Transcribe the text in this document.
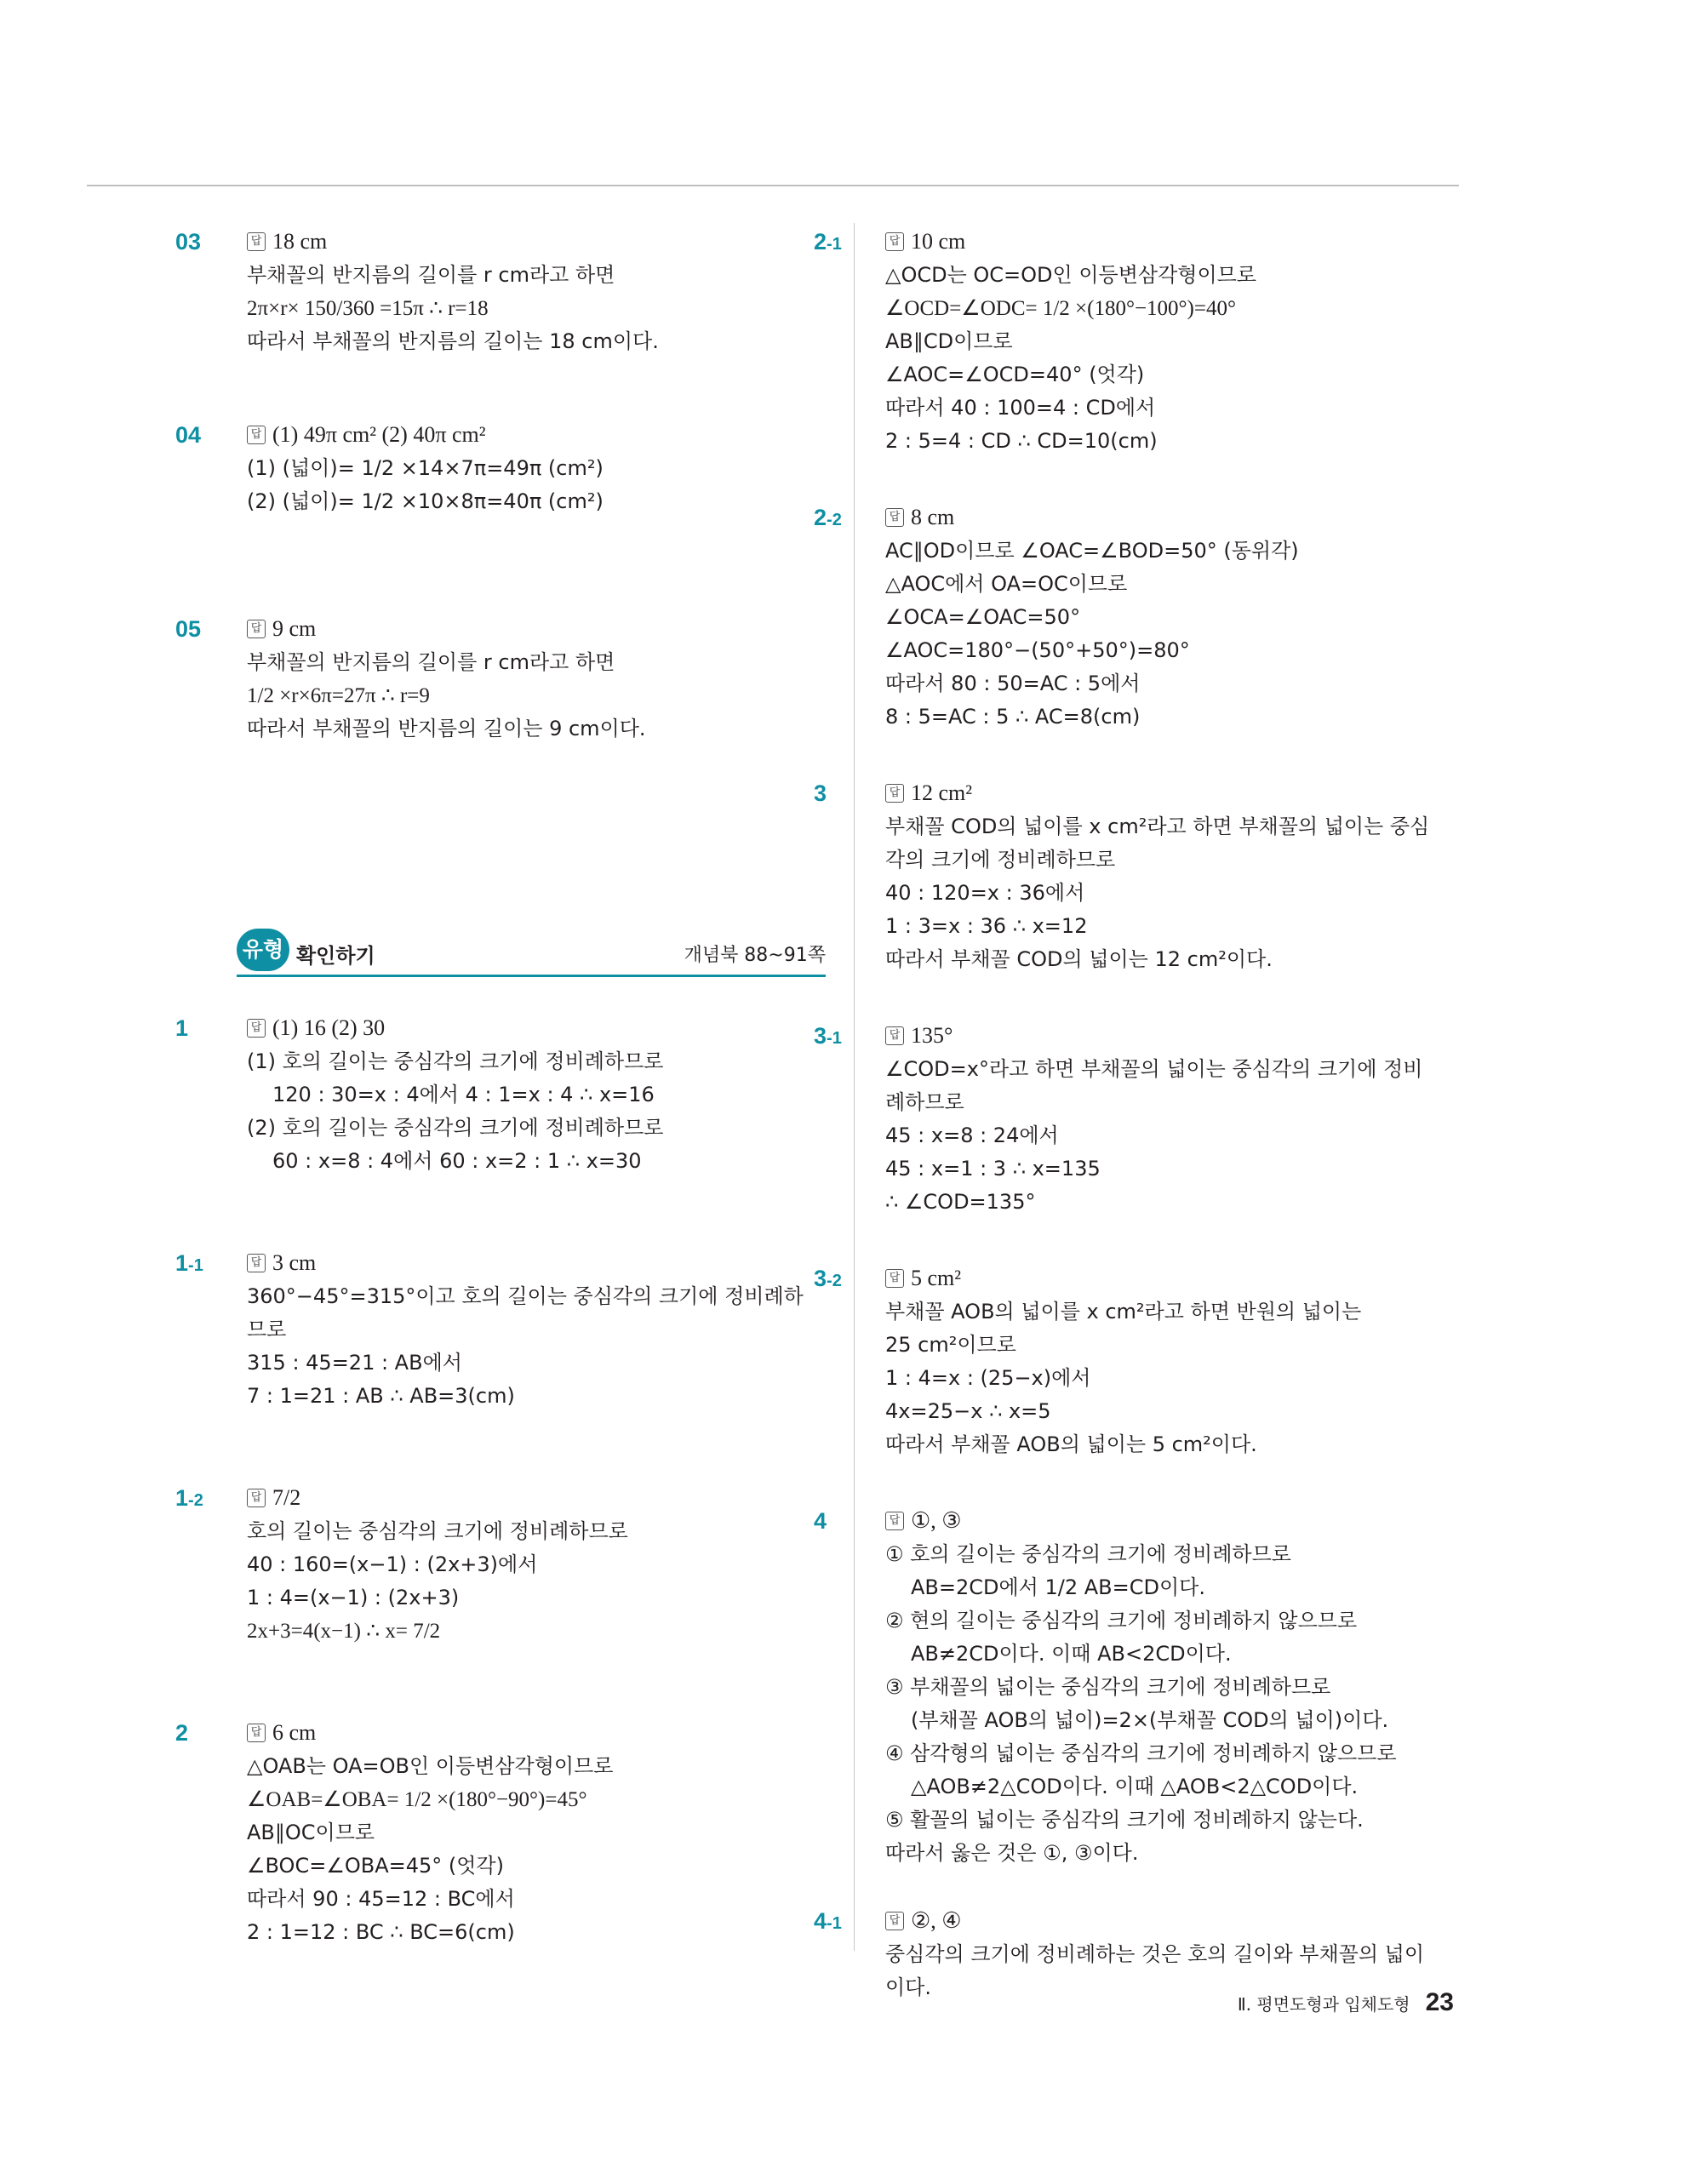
03	답 18 cm
부채꼴의 반지름의 길이를 r cm라고 하면
2π×r× 150/360 =15π ∴ r=18
따라서 부채꼴의 반지름의 길이는 18 cm이다.
04	답 (1) 49π cm² (2) 40π cm²
(1) (넓이)= 1/2 ×14×7π=49π (cm²)
(2) (넓이)= 1/2 ×10×8π=40π (cm²)
05	답 9 cm
부채꼴의 반지름의 길이를 r cm라고 하면
1/2 ×r×6π=27π ∴ r=9
따라서 부채꼴의 반지름의 길이는 9 cm이다.
유형 확인하기	개념북 88~91쪽
1	답 (1) 16 (2) 30
(1) 호의 길이는 중심각의 크기에 정비례하므로
120 : 30=x : 4에서 4 : 1=x : 4 ∴ x=16
(2) 호의 길이는 중심각의 크기에 정비례하므로
60 : x=8 : 4에서 60 : x=2 : 1 ∴ x=30
1-1	답 3 cm
360°−45°=315°이고 호의 길이는 중심각의 크기에 정비례하
므로
315 : 45=21 : AB에서
7 : 1=21 : AB ∴ AB=3(cm)
1-2	답 7/2
호의 길이는 중심각의 크기에 정비례하므로
40 : 160=(x−1) : (2x+3)에서
1 : 4=(x−1) : (2x+3)
2x+3=4(x−1) ∴ x= 7/2
2	답 6 cm
△OAB는 OA=OB인 이등변삼각형이므로
∠OAB=∠OBA= 1/2 ×(180°−90°)=45°
AB∥OC이므로
∠BOC=∠OBA=45° (엇각)
따라서 90 : 45=12 : BC에서
2 : 1=12 : BC ∴ BC=6(cm)
2-1	답 10 cm
△OCD는 OC=OD인 이등변삼각형이므로
∠OCD=∠ODC= 1/2 ×(180°−100°)=40°
AB∥CD이므로
∠AOC=∠OCD=40° (엇각)
따라서 40 : 100=4 : CD에서
2 : 5=4 : CD ∴ CD=10(cm)
2-2	답 8 cm
AC∥OD이므로 ∠OAC=∠BOD=50° (동위각)
△AOC에서 OA=OC이므로
∠OCA=∠OAC=50°
∠AOC=180°−(50°+50°)=80°
따라서 80 : 50=AC : 5에서
8 : 5=AC : 5 ∴ AC=8(cm)
3	답 12 cm²
부채꼴 COD의 넓이를 x cm²라고 하면 부채꼴의 넓이는 중심
각의 크기에 정비례하므로
40 : 120=x : 36에서
1 : 3=x : 36 ∴ x=12
따라서 부채꼴 COD의 넓이는 12 cm²이다.
3-1	답 135°
∠COD=x°라고 하면 부채꼴의 넓이는 중심각의 크기에 정비
례하므로
45 : x=8 : 24에서
45 : x=1 : 3 ∴ x=135
∴ ∠COD=135°
3-2	답 5 cm²
부채꼴 AOB의 넓이를 x cm²라고 하면 반원의 넓이는
25 cm²이므로
1 : 4=x : (25−x)에서
4x=25−x ∴ x=5
따라서 부채꼴 AOB의 넓이는 5 cm²이다.
4	답 ①, ③
① 호의 길이는 중심각의 크기에 정비례하므로
AB=2CD에서 1/2 AB=CD이다.
② 현의 길이는 중심각의 크기에 정비례하지 않으므로
AB≠2CD이다. 이때 AB<2CD이다.
③ 부채꼴의 넓이는 중심각의 크기에 정비례하므로
(부채꼴 AOB의 넓이)=2×(부채꼴 COD의 넓이)이다.
④ 삼각형의 넓이는 중심각의 크기에 정비례하지 않으므로
△AOB≠2△COD이다. 이때 △AOB<2△COD이다.
⑤ 활꼴의 넓이는 중심각의 크기에 정비례하지 않는다.
따라서 옳은 것은 ①, ③이다.
4-1	답 ②, ④
중심각의 크기에 정비례하는 것은 호의 길이와 부채꼴의 넓이
이다.
Ⅱ. 평면도형과 입체도형 23
